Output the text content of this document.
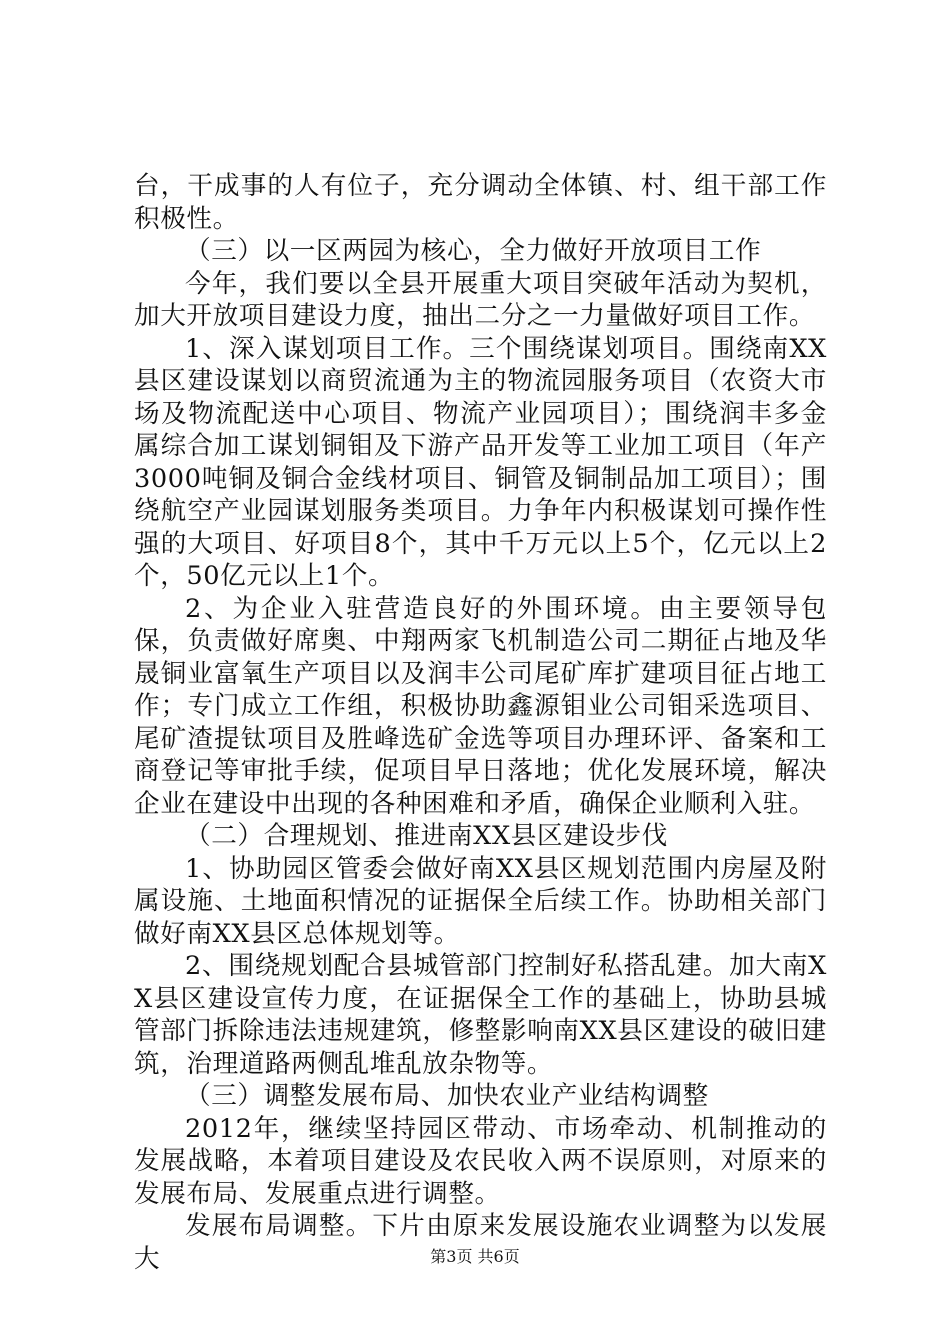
台，干成事的人有位子，充分调动全体镇、村、组干部工作积极性。

（三）以一区两园为核心，全力做好开放项目工作

今年，我们要以全县开展重大项目突破年活动为契机，加大开放项目建设力度，抽出二分之一力量做好项目工作。

1、深入谋划项目工作。三个围绕谋划项目。围绕南XX县区建设谋划以商贸流通为主的物流园服务项目（农资大市场及物流配送中心项目、物流产业园项目）；围绕润丰多金属综合加工谋划铜钼及下游产品开发等工业加工项目（年产3000吨铜及铜合金线材项目、铜管及铜制品加工项目）；围绕航空产业园谋划服务类项目。力争年内积极谋划可操作性强的大项目、好项目8个，其中千万元以上5个，亿元以上2个，50亿元以上1个。

2、为企业入驻营造良好的外围环境。由主要领导包保，负责做好席奥、中翔两家飞机制造公司二期征占地及华晟铜业富氧生产项目以及润丰公司尾矿库扩建项目征占地工作；专门成立工作组，积极协助鑫源钼业公司钼采选项目、尾矿渣提钛项目及胜峰选矿金选等项目办理环评、备案和工商登记等审批手续，促项目早日落地；优化发展环境，解决企业在建设中出现的各种困难和矛盾，确保企业顺利入驻。

（二）合理规划、推进南XX县区建设步伐

1、协助园区管委会做好南XX县区规划范围内房屋及附属设施、土地面积情况的证据保全后续工作。协助相关部门做好南XX县区总体规划等。

2、围绕规划配合县城管部门控制好私搭乱建。加大南XX县区建设宣传力度，在证据保全工作的基础上，协助县城管部门拆除违法违规建筑，修整影响南XX县区建设的破旧建筑，治理道路两侧乱堆乱放杂物等。

（三）调整发展布局、加快农业产业结构调整

2012年，继续坚持园区带动、市场牵动、机制推动的发展战略，本着项目建设及农民收入两不误原则，对原来的发展布局、发展重点进行调整。

发展布局调整。下片由原来发展设施农业调整为以发展大	第3页 共6页
